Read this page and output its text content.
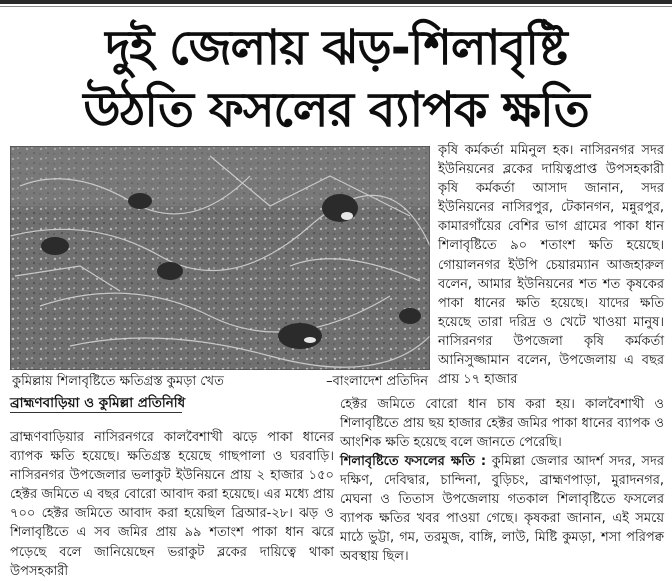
দুই জেলায় ঝড়-শিলাবৃষ্টি
উঠতি ফসলের ব্যাপক ক্ষতি
কুমিল্লায় শিলাবৃষ্টিতে ক্ষতিগ্রস্ত কুমড়া খেত	–বাংলাদেশ প্রতিদিন
ব্রাহ্মণবাড়িয়া ও কুমিল্লা প্রতিনিধি
ব্রাহ্মণবাড়িয়ার নাসিরনগরে কালবৈশাখী ঝড়ে পাকা ধানের ব্যাপক ক্ষতি হয়েছে। ক্ষতিগ্রস্ত হয়েছে গাছপালা ও ঘরবাড়ি। নাসিরনগর উপজেলার ভলাকুট ইউনিয়নে প্রায় ২ হাজার ১৫০ হেক্টর জমিতে এ বছর বোরো আবাদ করা হয়েছে। এর মধ্যে প্রায় ৭০০ হেক্টর জমিতে আবাদ করা হয়েছিল ব্রিআর-২৮। ঝড় ও শিলাবৃষ্টিতে এ সব জমির প্রায় ৯৯ শতাংশ পাকা ধান ঝরে পড়েছে বলে জানিয়েছেন ভরাকুট ব্লকের দায়িত্বে থাকা উপসহকারী
কৃষি কর্মকর্তা মমিনুল হক। নাসিরনগর সদর ইউনিয়নের ব্লকের দায়িত্বপ্রাপ্ত উপসহকারী কৃষি কর্মকর্তা আসাদ জানান, সদর ইউনিয়নের নাসিরপুর, টেকানগন, মন্নুরপুর, কামারগাঁয়ের বেশির ভাগ গ্রামের পাকা ধান শিলাবৃষ্টিতে ৯০ শতাংশ ক্ষতি হয়েছে। গোয়ালনগর ইউপি চেয়ারম্যান আজহারুল বলেন, আমার ইউনিয়নের শত শত কৃষকের পাকা ধানের ক্ষতি হয়েছে। যাদের ক্ষতি হয়েছে তারা দরিদ্র ও খেটে খাওয়া মানুষ। নাসিরনগর উপজেলা কৃষি কর্মকর্তা আনিসুজ্জামান বলেন, উপজেলায় এ বছর প্রায় ১৭ হাজার
হেক্টর জমিতে বোরো ধান চাষ করা হয়। কালবৈশাখী ও শিলাবৃষ্টিতে প্রায় ছয় হাজার হেক্টর জমির পাকা ধানের ব্যাপক ও আংশিক ক্ষতি হয়েছে বলে জানতে পেরেছি।
শিলাবৃষ্টিতে ফসলের ক্ষতি : কুমিল্লা জেলার আদর্শ সদর, সদর দক্ষিণ, দেবিদ্বার, চান্দিনা, বুড়িচং, ব্রাহ্মণপাড়া, মুরাদনগর, মেঘনা ও তিতাস উপজেলায় গতকাল শিলাবৃষ্টিতে ফসলের ব্যাপক ক্ষতির খবর পাওয়া গেছে। কৃষকরা জানান, এই সময়ে মাঠে ভুট্টা, গম, তরমুজ, বাঙ্গি, লাউ, মিষ্টি কুমড়া, শসা পরিপক্ব অবস্থায় ছিল।
